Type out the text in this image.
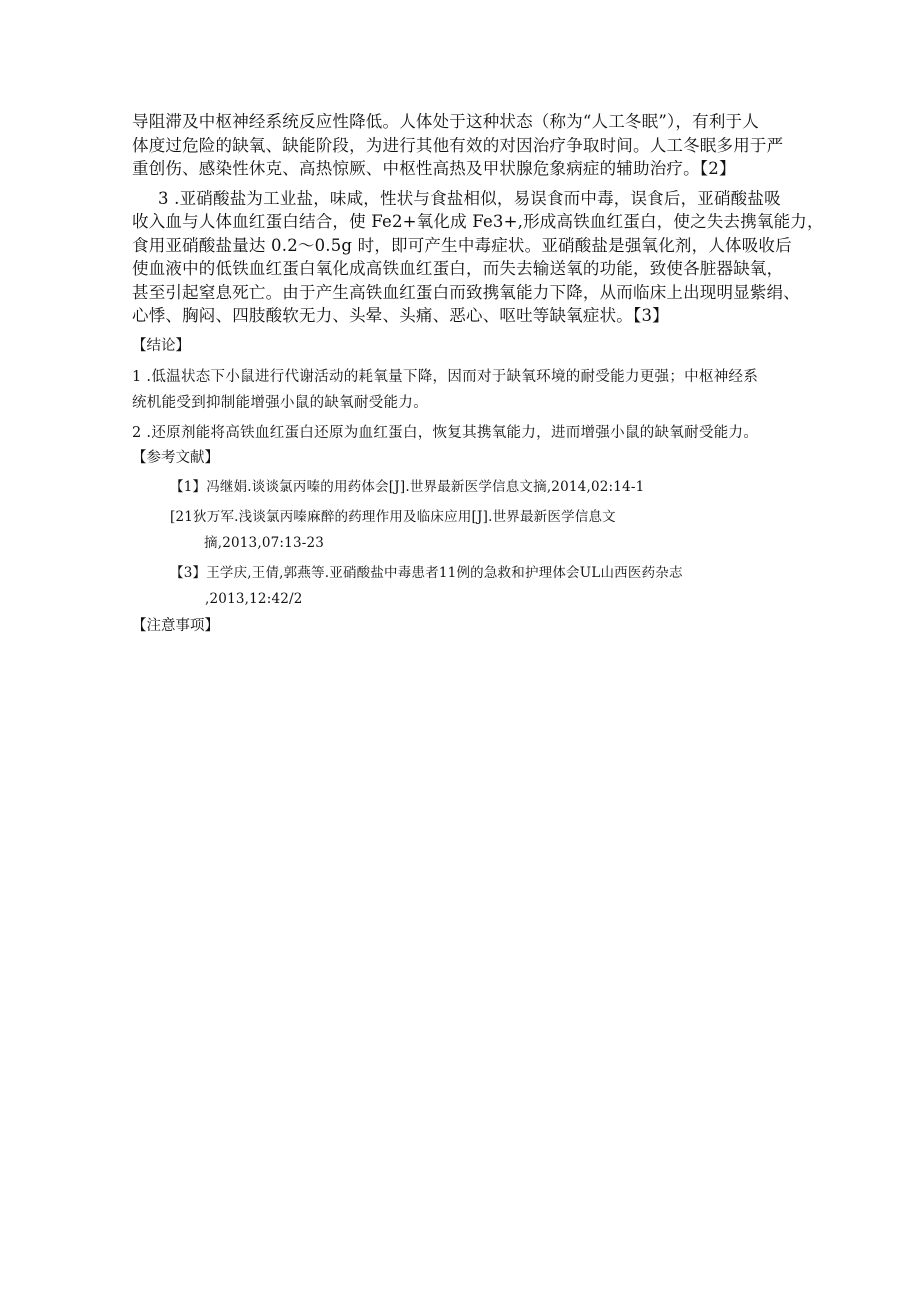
导阻滞及中枢神经系统反应性降低。人体处于这种状态（称为“人工冬眠”），有利于人
体度过危险的缺氧、缺能阶段，为进行其他有效的对因治疗争取时间。人工冬眠多用于严
重创伤、感染性休克、高热惊厥、中枢性高热及甲状腺危象病症的辅助治疗。【2】
3 .亚硝酸盐为工业盐，味咸，性状与食盐相似，易误食而中毒，误食后，亚硝酸盐吸
收入血与人体血红蛋白结合，使 Fe2+氧化成 Fe3+,形成高铁血红蛋白，使之失去携氧能力，
食用亚硝酸盐量达 0.2～0.5g 时，即可产生中毒症状。亚硝酸盐是强氧化剂，人体吸收后
使血液中的低铁血红蛋白氧化成高铁血红蛋白，而失去输送氧的功能，致使各脏器缺氧，
甚至引起窒息死亡。由于产生高铁血红蛋白而致携氧能力下降，从而临床上出现明显紫绢、
心悸、胸闷、四肢酸软无力、头晕、头痛、恶心、呕吐等缺氧症状。【3】
【结论】
1 .低温状态下小鼠进行代谢活动的耗氧量下降，因而对于缺氧环境的耐受能力更强；中枢神经系
统机能受到抑制能增强小鼠的缺氧耐受能力。
2 .还原剂能将高铁血红蛋白还原为血红蛋白，恢复其携氧能力，进而增强小鼠的缺氧耐受能力。
【参考文献】
【1】冯继娟.谈谈氯丙嗪的用药体会[J].世界最新医学信息文摘,2014,02:14-1
[21狄万军.浅谈氯丙嗪麻醉的药理作用及临床应用[J].世界最新医学信息文
摘,2013,07:13-23
【3】王学庆,王倩,郭燕等.亚硝酸盐中毒患者11例的急救和护理体会UL山西医药杂志
,2013,12:42/2
【注意事项】
